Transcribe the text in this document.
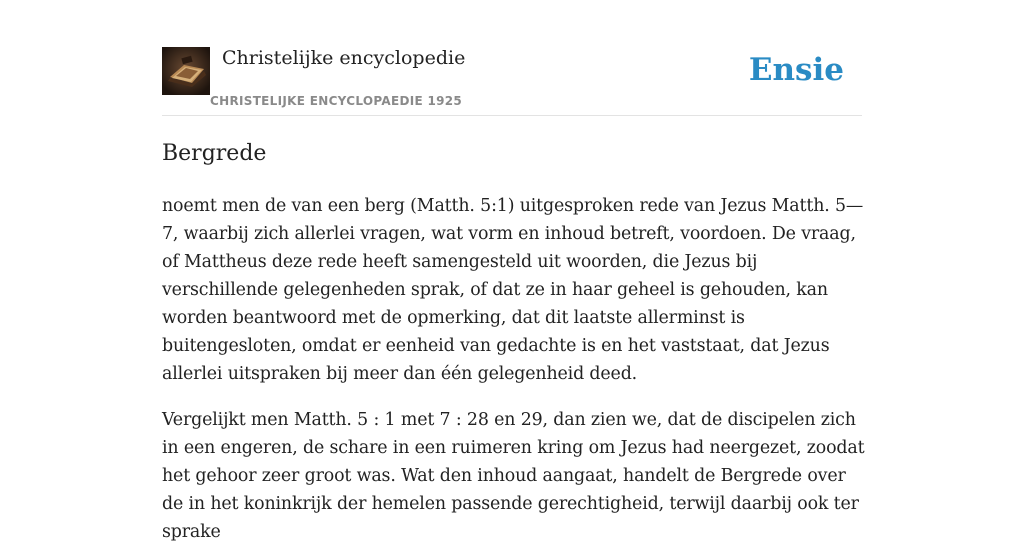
Christelijke encyclopedie
CHRISTELIJKE ENCYCLOPAEDIE 1925
Ensie
Bergrede

noemt men de van een berg (Matth. 5:1) uitgesproken rede van Jezus Matth. 5—7, waarbij zich allerlei vragen, wat vorm en inhoud betreft, voordoen. De vraag, of Mattheus deze rede heeft samengesteld uit woorden, die Jezus bij verschillende gelegenheden sprak, of dat ze in haar geheel is gehouden, kan worden beantwoord met de opmerking, dat dit laatste allerminst is buitengesloten, omdat er eenheid van gedachte is en het vaststaat, dat Jezus allerlei uitspraken bij meer dan één gelegenheid deed.

Vergelijkt men Matth. 5 : 1 met 7 : 28 en 29, dan zien we, dat de discipelen zich in een engeren, de schare in een ruimeren kring om Jezus had neergezet, zoodat het gehoor zeer groot was. Wat den inhoud aangaat, handelt de Bergrede over de in het koninkrijk der hemelen passende gerechtigheid, terwijl daarbij ook ter sprake
